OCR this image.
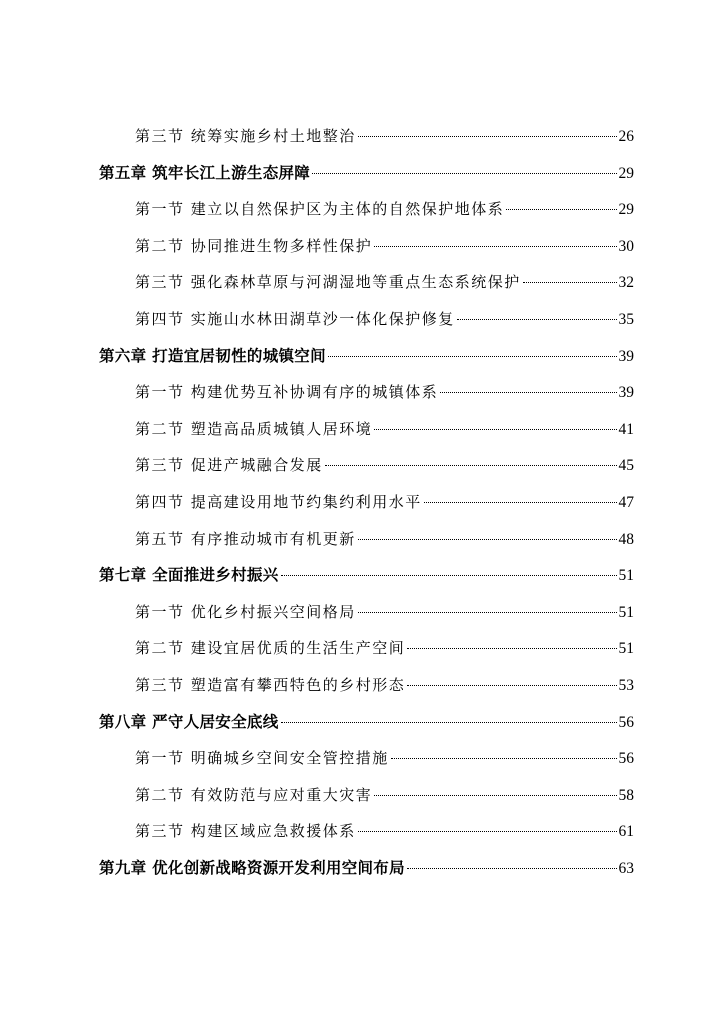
第三节 统筹实施乡村土地整治	26
第五章 筑牢长江上游生态屏障	29
第一节 建立以自然保护区为主体的自然保护地体系	29
第二节 协同推进生物多样性保护	30
第三节 强化森林草原与河湖湿地等重点生态系统保护	32
第四节 实施山水林田湖草沙一体化保护修复	35
第六章 打造宜居韧性的城镇空间	39
第一节 构建优势互补协调有序的城镇体系	39
第二节 塑造高品质城镇人居环境	41
第三节 促进产城融合发展	45
第四节 提高建设用地节约集约利用水平	47
第五节 有序推动城市有机更新	48
第七章 全面推进乡村振兴	51
第一节 优化乡村振兴空间格局	51
第二节 建设宜居优质的生活生产空间	51
第三节 塑造富有攀西特色的乡村形态	53
第八章 严守人居安全底线	56
第一节 明确城乡空间安全管控措施	56
第二节 有效防范与应对重大灾害	58
第三节 构建区域应急救援体系	61
第九章 优化创新战略资源开发利用空间布局	63
